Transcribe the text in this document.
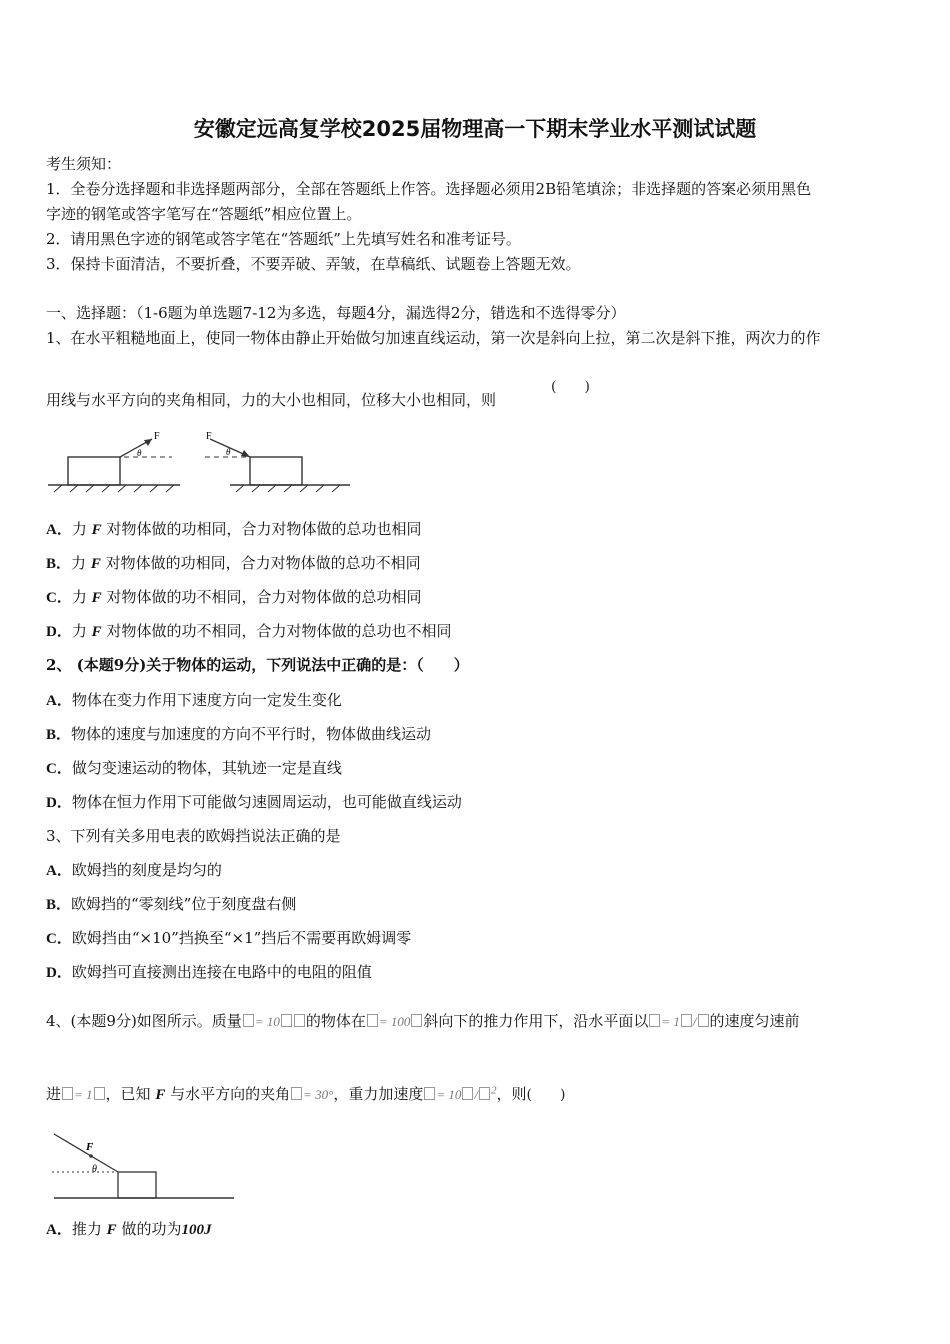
安徽定远高复学校2025届物理高一下期末学业水平测试试题
考生须知：
1．全卷分选择题和非选择题两部分，全部在答题纸上作答。选择题必须用2B铅笔填涂；非选择题的答案必须用黑色
字迹的钢笔或答字笔写在“答题纸”相应位置上。
2．请用黑色字迹的钢笔或答字笔在“答题纸”上先填写姓名和准考证号。
3．保持卡面清洁，不要折叠，不要弄破、弄皱，在草稿纸、试题卷上答题无效。
一、选择题：（1-6题为单选题7-12为多选，每题4分，漏选得2分，错选和不选得零分）
1、在水平粗糙地面上，使同一物体由静止开始做匀加速直线运动，第一次是斜向上拉，第二次是斜下推，两次力的作
用线与水平方向的夹角相同，力的大小也相同，位移大小也相同，则
(　　)
F
θ
F
θ
A．力 F 对物体做的功相同，合力对物体做的总功也相同
B．力 F 对物体做的功相同，合力对物体做的总功不相同
C．力 F 对物体做的功不相同，合力对物体做的总功相同
D．力 F 对物体做的功不相同，合力对物体做的总功也不相同
2、 (本题9分)关于物体的运动，下列说法中正确的是：（　　）
A．物体在变力作用下速度方向一定发生变化
B．物体的速度与加速度的方向不平行时，物体做曲线运动
C．做匀变速运动的物体，其轨迹一定是直线
D．物体在恒力作用下可能做匀速圆周运动，也可能做直线运动
3、下列有关多用电表的欧姆挡说法正确的是
A．欧姆挡的刻度是均匀的
B．欧姆挡的“零刻线”位于刻度盘右侧
C．欧姆挡由“×10”挡换至“×1”挡后不需要再欧姆调零
D．欧姆挡可直接测出连接在电路中的电阻的阻值
4、(本题9分)如图所示。质量 = 10 的物体在 = 100 斜向下的推力作用下，沿水平面以 = 1 / 的速度匀速前
进 = 1 ，已知 F 与水平方向的夹角 = 30°，重力加速度 = 10 / $^2$，则(　　)
F
θ
A．推力 F 做的功为100J
